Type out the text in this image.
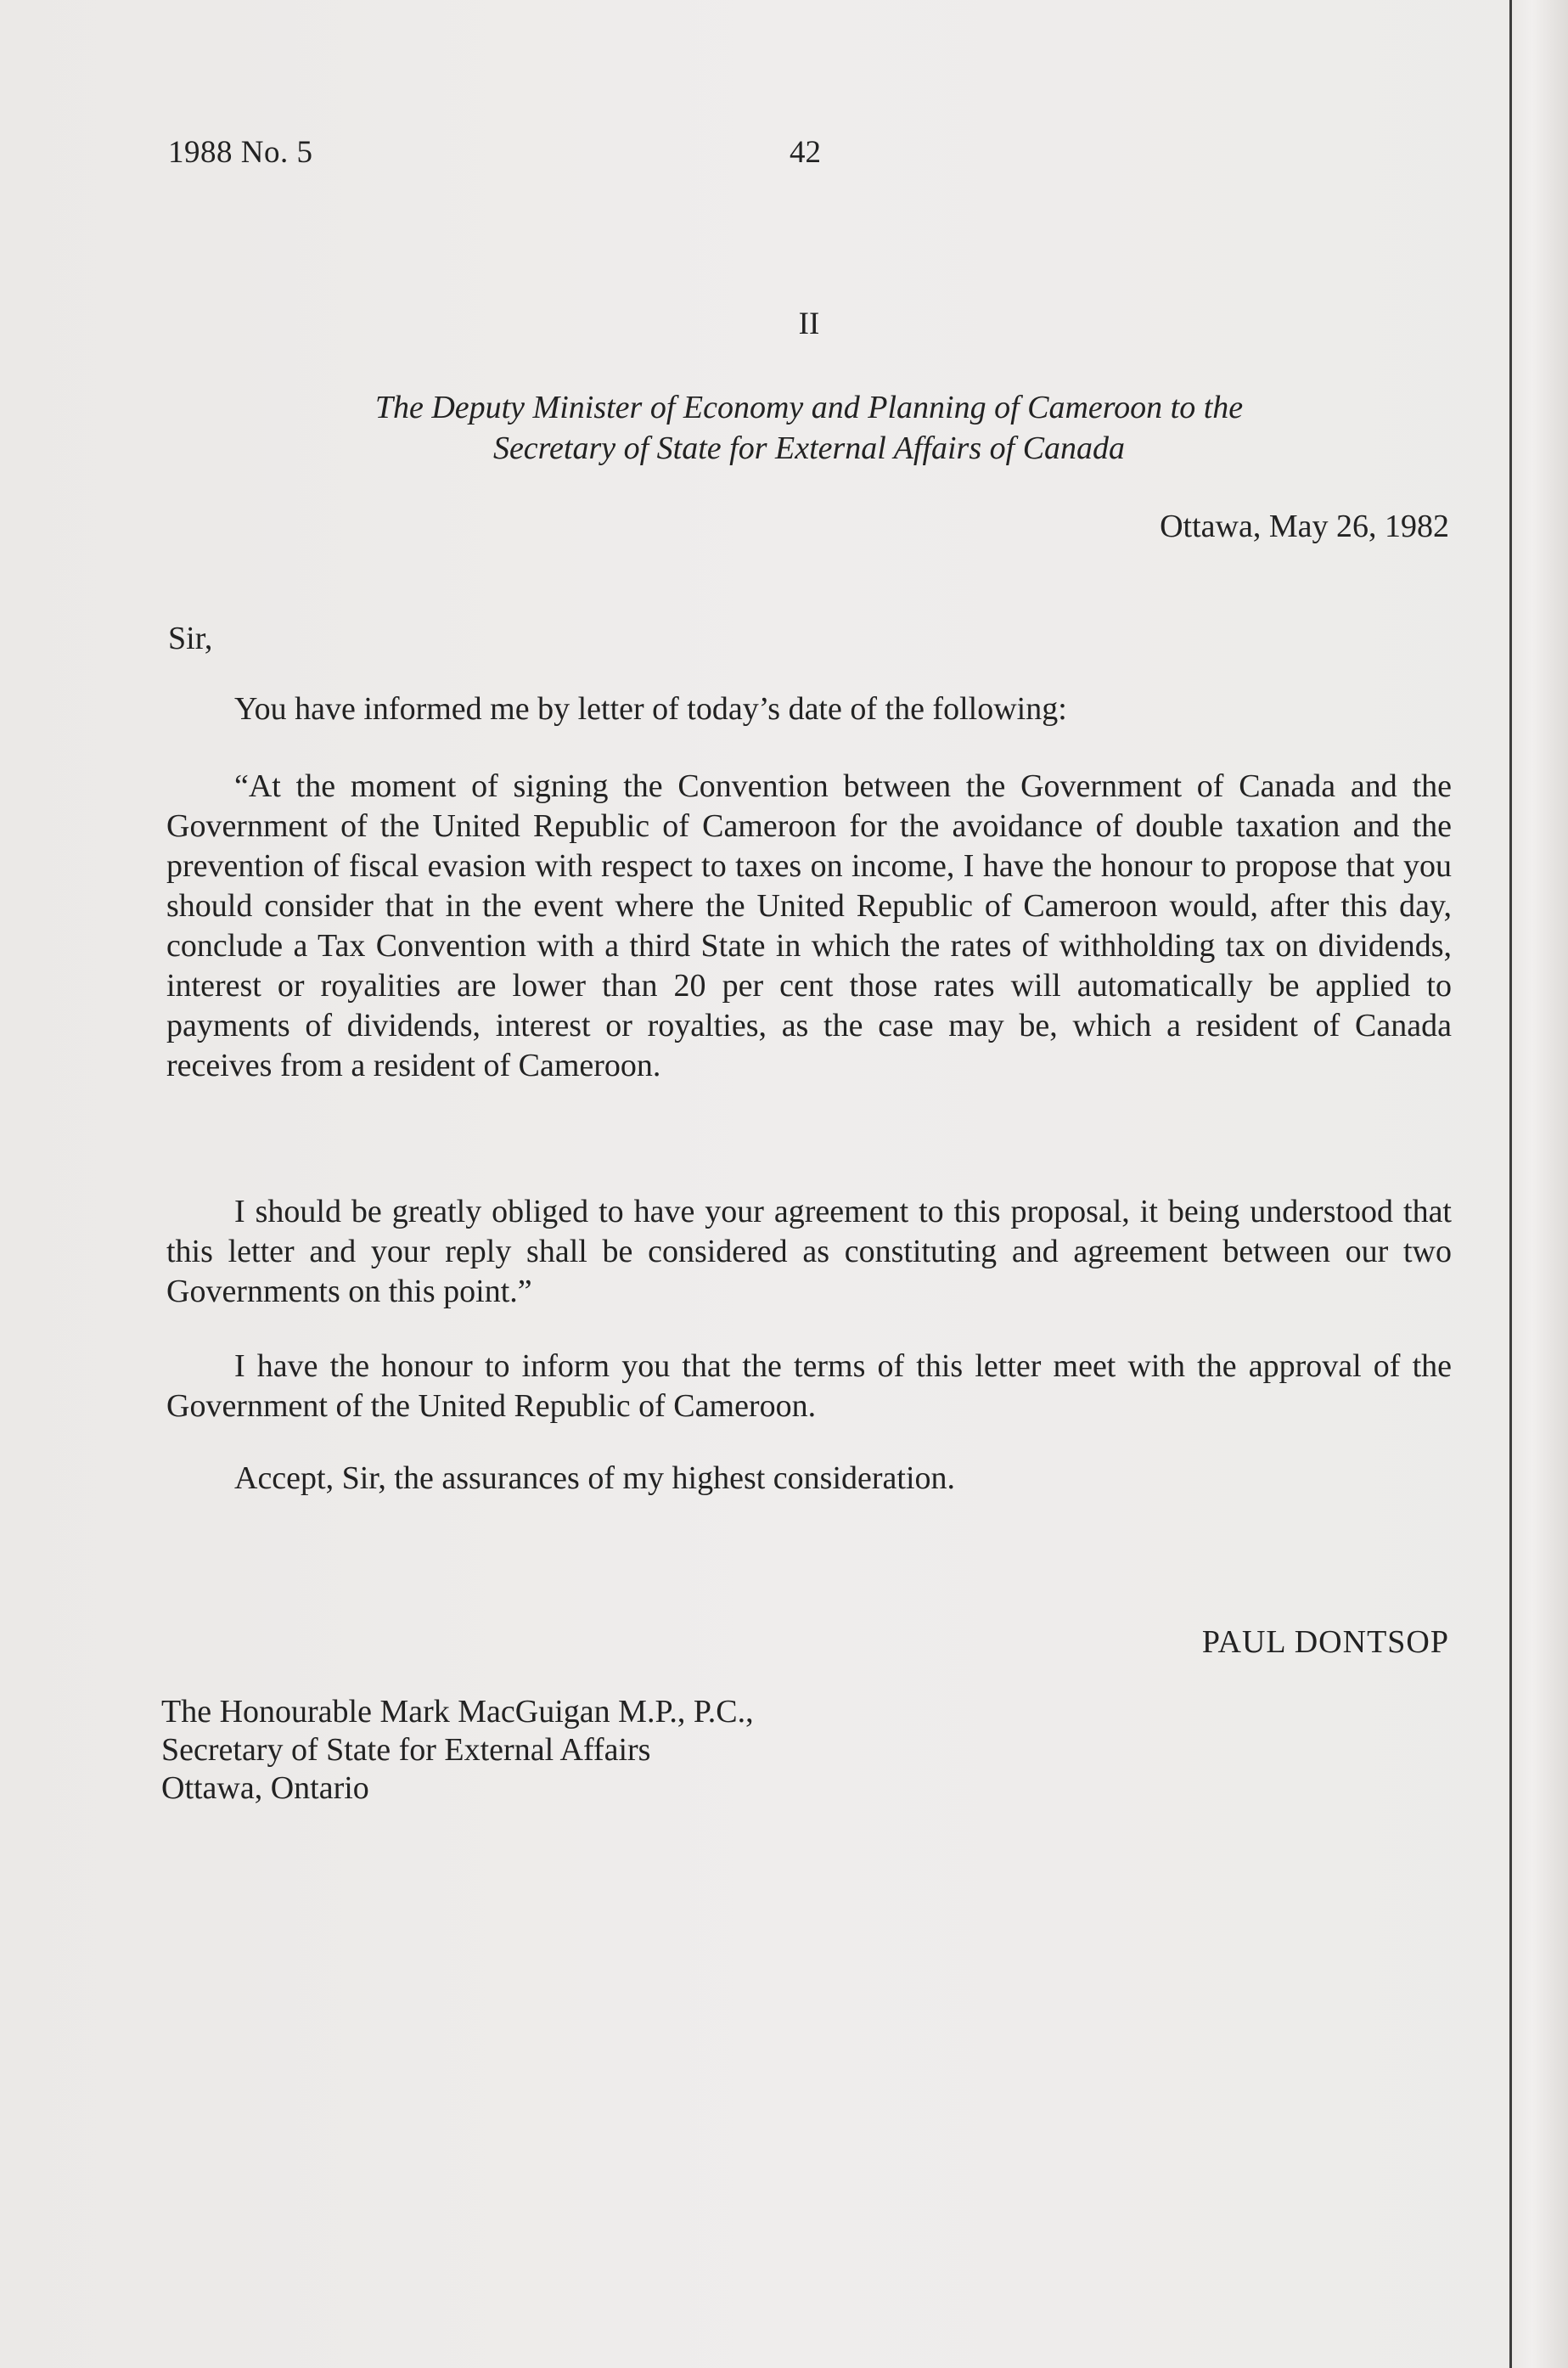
1988 No. 5	42
II
The Deputy Minister of Economy and Planning of Cameroon to the
Secretary of State for External Affairs of Canada
Ottawa, May 26, 1982
Sir,
You have informed me by letter of today’s date of the following:
“At the moment of signing the Convention between the Government of Canada and the Government of the United Republic of Cameroon for the avoidance of double taxation and the prevention of fiscal evasion with respect to taxes on income, I have the honour to propose that you should consider that in the event where the United Republic of Cameroon would, after this day, conclude a Tax Convention with a third State in which the rates of withholding tax on dividends, interest or royalities are lower than 20 per cent those rates will automatically be applied to payments of dividends, interest or royalties, as the case may be, which a resident of Canada receives from a resident of Cameroon.
I should be greatly obliged to have your agreement to this proposal, it being understood that this letter and your reply shall be considered as constituting and agreement between our two Governments on this point.”
I have the honour to inform you that the terms of this letter meet with the approval of the Government of the United Republic of Cameroon.
Accept, Sir, the assurances of my highest consideration.
PAUL DONTSOP
The Honourable Mark MacGuigan M.P., P.C.,
Secretary of State for External Affairs
Ottawa, Ontario
